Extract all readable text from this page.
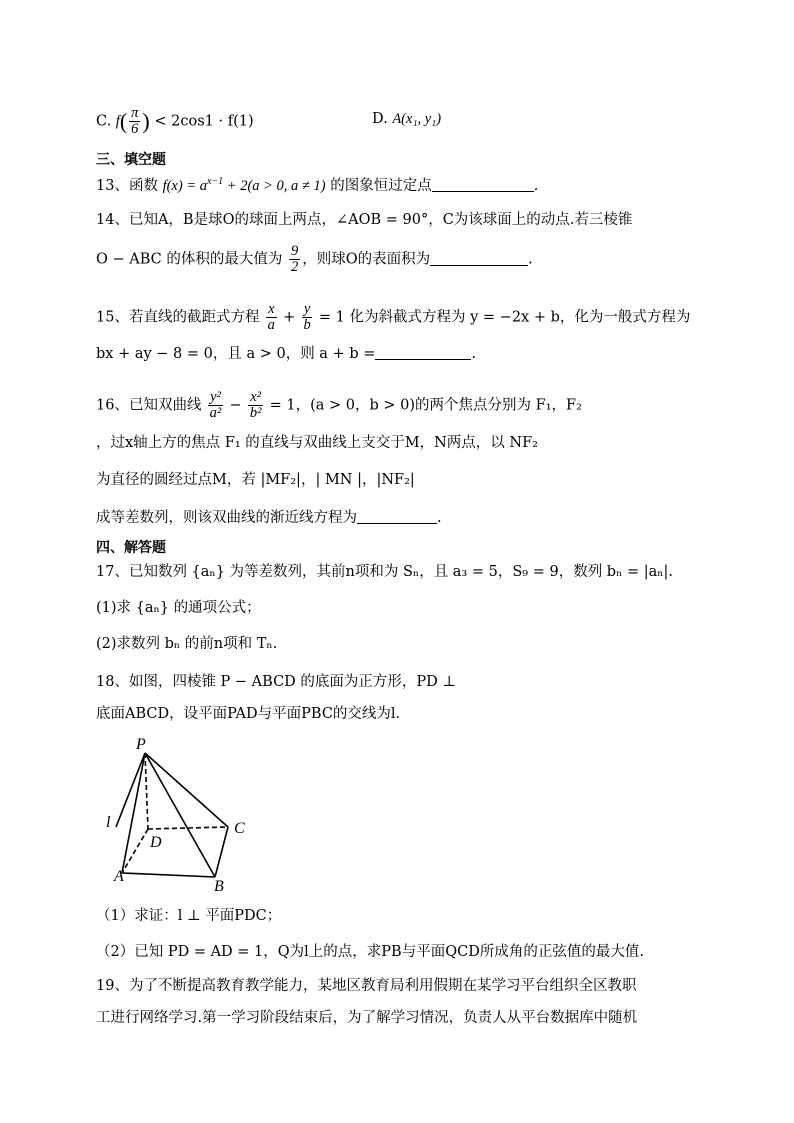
C. $f( \frac{\pi}{6}$ ) < 2cos1 · f(1)	D. A(x₁, y₁)
三、填空题
13、函数 $f(x) = a^{x-1} + 2(a > 0$, a ≠ 1) 的图象恒过定点	.
14、已知A，B是球O的球面上两点，∠AOB = 90°，C为该球面上的动点.若三棱锥
O − ABC 的体积的最大值为 $\frac{9}{2}$ ，则球O的表面积为	.
15、若直线的截距式方程 $\frac{x}{a} + \frac{y}{b} = 1$ 化为斜截式方程为 y = −2x + b，化为一般式方程为
bx + ay − 8 = 0，且 a > 0，则 a + b =	.
16、已知双曲线 $\frac{\text{y²}}{\text{a²}} - \frac{\text{x²}}{\text{b²}} = 1$，(a > 0，b > 0)的两个焦点分别为 F₁，F₂
，过x轴上方的焦点 F₁ 的直线与双曲线上支交于M，N两点，以 NF₂
为直径的圆经过点M，若 |MF₂|，| MN |，|NF₂|
成等差数列，则该双曲线的渐近线方程为	.
四、解答题
17、已知数列 {aₙ} 为等差数列，其前n项和为 Sₙ，且 a₃ = 5，S₉ = 9，数列 bₙ = |aₙ|.
(1)求 {aₙ} 的通项公式；
(2)求数列 bₙ 的前n项和 Tₙ.
18、如图，四棱锥 P − ABCD 的底面为正方形，PD ⊥
底面ABCD，设平面PAD与平面PBC的交线为l.
P
l	C
D
A
B
（1）求证：l ⊥ 平面PDC；
（2）已知 PD = AD = 1，Q为l上的点，求PB与平面QCD所成角的正弦值的最大值.
19、为了不断提高教育教学能力，某地区教育局利用假期在某学习平台组织全区教职
工进行网络学习.第一学习阶段结束后，为了解学习情况，负责人从平台数据库中随机
